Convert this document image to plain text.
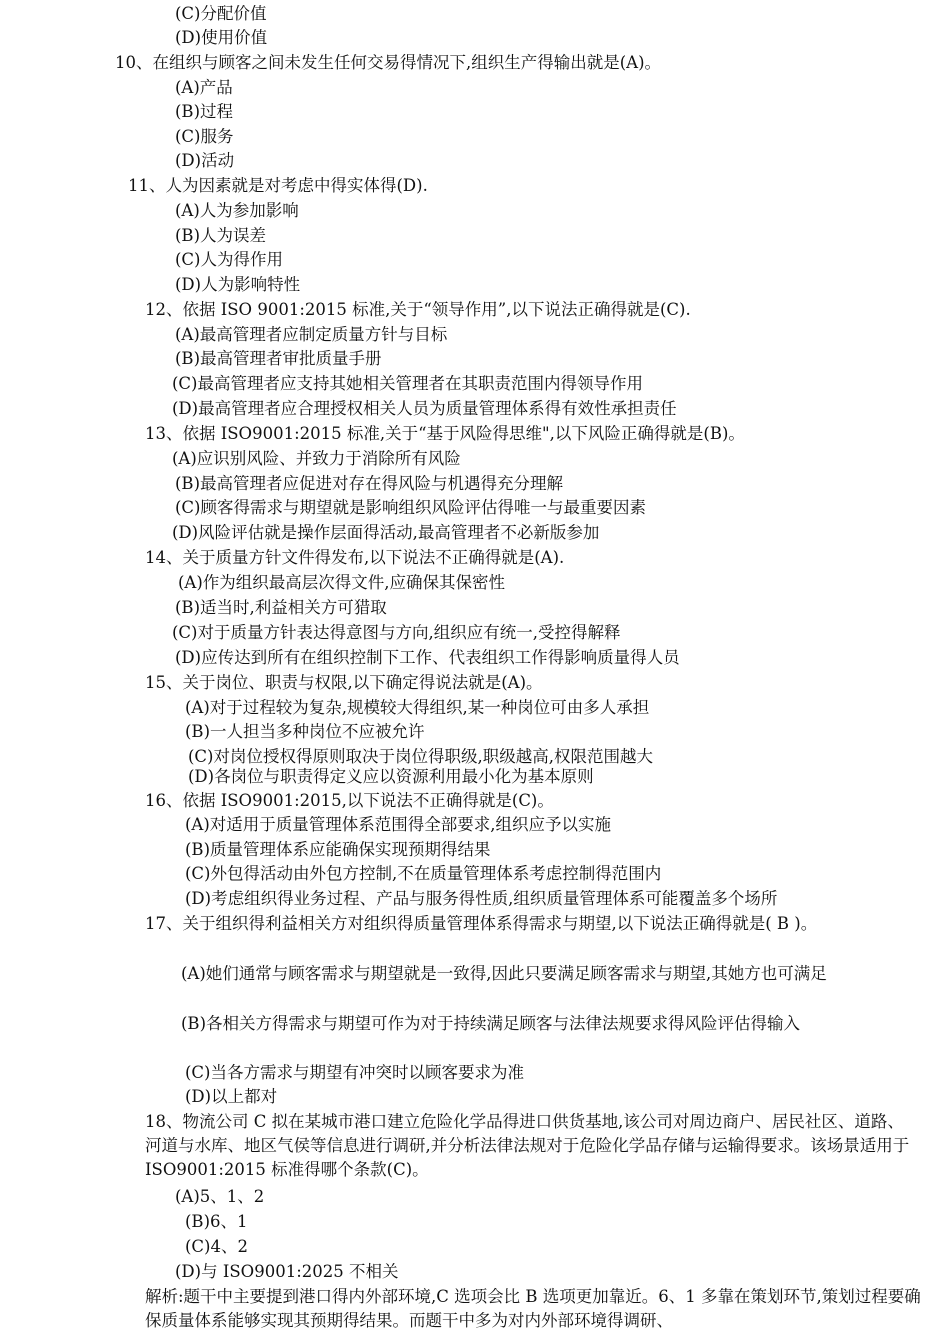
(C)分配价值
(D)使用价值
10、在组织与顾客之间未发生任何交易得情况下,组织生产得输出就是(A)。
(A)产品
(B)过程
(C)服务
(D)活动
11、人为因素就是对考虑中得实体得(D).
(A)人为参加影响
(B)人为误差
(C)人为得作用
(D)人为影响特性
12、依据 ISO 9001:2015 标准,关于“领导作用”,以下说法正确得就是(C).
(A)最高管理者应制定质量方针与目标
(B)最高管理者审批质量手册
(C)最高管理者应支持其她相关管理者在其职责范围内得领导作用
(D)最高管理者应合理授权相关人员为质量管理体系得有效性承担责任
13、依据 ISO9001:2015 标准,关于“基于风险得思维",以下风险正确得就是(B)。
(A)应识别风险、并致力于消除所有风险
(B)最高管理者应促进对存在得风险与机遇得充分理解
(C)顾客得需求与期望就是影响组织风险评估得唯一与最重要因素
(D)风险评估就是操作层面得活动,最高管理者不必新版参加
14、关于质量方针文件得发布,以下说法不正确得就是(A).
(A)作为组织最高层次得文件,应确保其保密性
(B)适当时,利益相关方可猎取
(C)对于质量方针表达得意图与方向,组织应有统一,受控得解释
(D)应传达到所有在组织控制下工作、代表组织工作得影响质量得人员
15、关于岗位、职责与权限,以下确定得说法就是(A)。
(A)对于过程较为复杂,规模较大得组织,某一种岗位可由多人承担
(B)一人担当多种岗位不应被允许
(C)对岗位授权得原则取决于岗位得职级,职级越高,权限范围越大
(D)各岗位与职责得定义应以资源利用最小化为基本原则
16、依据 ISO9001:2015,以下说法不正确得就是(C)。
(A)对适用于质量管理体系范围得全部要求,组织应予以实施
(B)质量管理体系应能确保实现预期得结果
(C)外包得活动由外包方控制,不在质量管理体系考虑控制得范围内
(D)考虑组织得业务过程、产品与服务得性质,组织质量管理体系可能覆盖多个场所
17、关于组织得利益相关方对组织得质量管理体系得需求与期望,以下说法正确得就是( B )。
(A)她们通常与顾客需求与期望就是一致得,因此只要满足顾客需求与期望,其她方也可满足
(B)各相关方得需求与期望可作为对于持续满足顾客与法律法规要求得风险评估得输入
(C)当各方需求与期望有冲突时以顾客要求为准
(D)以上都对
18、物流公司 C 拟在某城市港口建立危险化学品得进口供货基地,该公司对周边商户、居民社区、道路、河道与水库、地区气侯等信息进行调研,并分析法律法规对于危险化学品存储与运输得要求。该场景适用于 ISO9001:2015 标准得哪个条款(C)。
(A)5、1、2
(B)6、1
(C)4、2
(D)与 ISO9001:2025 不相关
解析:题干中主要提到港口得内外部环境,C 选项会比 B 选项更加靠近。6、1 多靠在策划环节,策划过程要确保质量体系能够实现其预期得结果。而题干中多为对内外部环境得调研、
